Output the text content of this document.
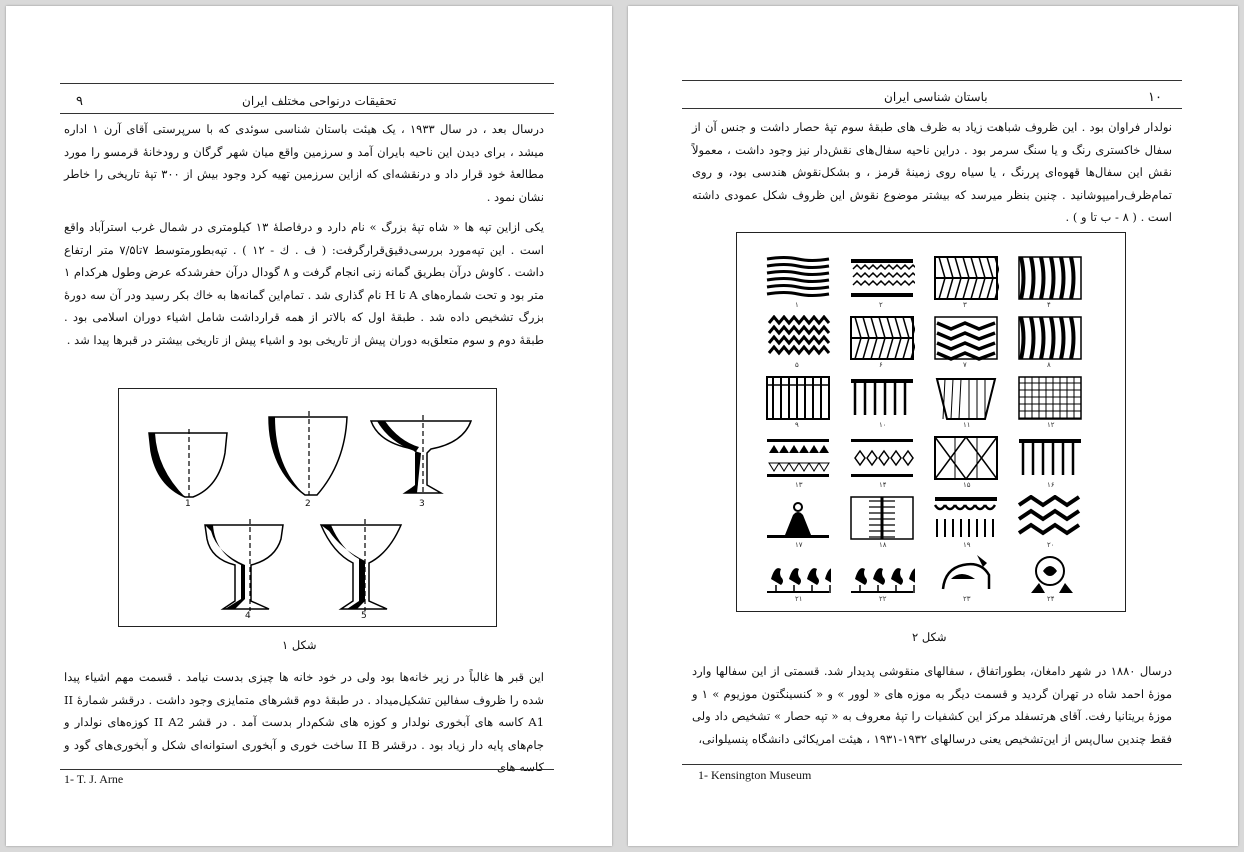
۹	تحقیقات درنواحی مختلف ایران

درسال بعد ، در سال ۱۹۳۳ ، یک هیئت باستان شناسی سوئدی که با سرپرستی آقای آرن ۱ اداره میشد ، برای دیدن این ناحیه بایران آمد و سرزمین واقع میان شهر گرگان و رودخانهٔ قرمسو را مورد مطالعهٔ خود قرار داد و درنقشه‌ای که ازاین سرزمین تهیه کرد وجود بیش از ۳۰۰ تپهٔ تاریخی را خاطر نشان نمود .

یکی ازاین تپه ها « شاه تپهٔ بزرگ » نام دارد و درفاصلهٔ ۱۳ کیلومتری در شمال غرب استرآباد واقع است . این تپه‌مورد بررسی‌دقیق‌قرارگرفت: ( ف . ك - ۱۲ ) . تپه‌بطورمتوسط ۷تا۷/۵ متر ارتفاع داشت . کاوش درآن بطریق گمانه زنی انجام گرفت و ۸ گودال درآن حفرشد‌که عرض وطول هرکدام ۱ متر بود و تحت شماره‌های A تا H نام گذاری شد . تمام‌این گمانه‌ها به خاك بکر رسید ودر آن سه دورهٔ بزرگ تشخیص داده شد . طبقهٔ اول که بالاتر از همه قرارداشت شامل اشیاء دوران اسلامی بود . طبقهٔ دوم و سوم متعلق‌به دوران پیش از تاریخی بود و اشیاء پیش از تاریخی بیشتر در قبرها پیدا شد .

1	2	3
4	5
شکل ۱

این قبر ها غالباً در زیر خانه‌ها بود ولی در خود خانه ها چیزی بدست نیامد . قسمت مهم اشیاء پیدا شده را ظروف سفالین تشکیل‌میداد . در طبقهٔ دوم قشرهای متمایزی وجود داشت . درقشر شمارهٔ II A1 کاسه های آبخوری نولدار و کوزه های شکم‌دار بدست آمد . در قشر II A2 کوزه‌های نولدار و جام‌های پایه دار زیاد بود . درقشر II B ساخت خوری و آبخوری استوانه‌ای شکل و آبخوری‌های گود و کاسه های

1- T. J. Arne
باستان شناسی ایران	۱۰

نولدار فراوان بود . این ظروف شباهت زیاد به ظرف های طبقهٔ سوم تپهٔ حصار داشت و جنس آن از سفال خاکستری رنگ و یا سنگ سرمر بود . دراین ناحیه سفال‌های نقش‌دار نیز وجود داشت ، معمولاً نقش این سفال‌ها قهوه‌ای پررنگ ، یا سیاه روی زمینهٔ قرمز ، و بشکل‌نقوش هندسی بود، و روی تمام‌ظرف‌رامیپوشانید . چنین بنظر میرسد که بیشتر موضوع نقوش این ظروف شکل عمودی داشته است . ( ۸ - ب تا و ) .

۱	۲	۳	۴
۵	۶	۷	۸
۹	۱۰	۱۱	۱۲
۱۳	۱۴	۱۵	۱۶
۱۷	۱۸	۱۹	۲۰
۲۱	۲۲	۲۳	۲۴
شکل ۲

درسال ۱۸۸۰ در شهر دامغان، بطوراتفاق ، سفالهای منقوشی پدیدار شد. قسمتی از این سفالها وارد موزهٔ احمد شاه در تهران گردید و قسمت دیگر به موزه های « لوور » و « کنسینگتون موزیوم » ۱ و موزهٔ بریتانیا رفت. آقای هرتسفلد مرکز این کشفیات را تپهٔ معروف به « تپه حصار » تشخیص داد ولی فقط چندین سال‌پس از این‌تشخیص یعنی درسالهای ۱۹۳۲-۱۹۳۱ ، هیئت امریکائی دانشگاه پنسیلوانی،

1- Kensington Museum
